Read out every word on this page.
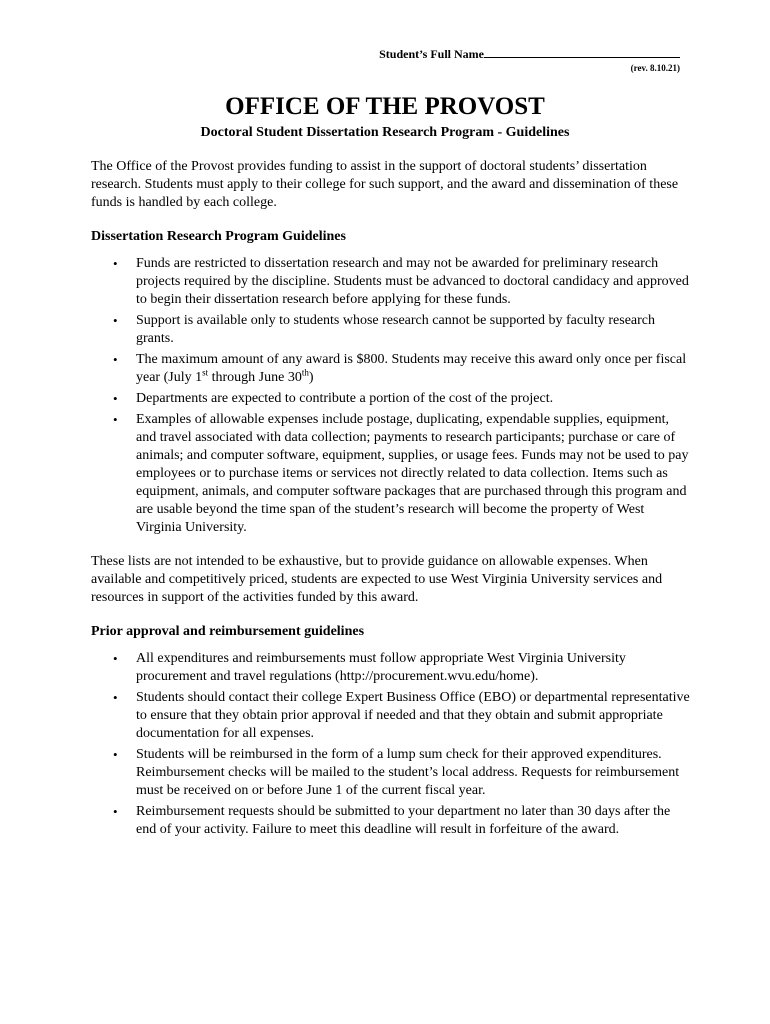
Student’s Full Name
(rev. 8.10.21)
OFFICE OF THE PROVOST
Doctoral Student Dissertation Research Program - Guidelines

The Office of the Provost provides funding to assist in the support of doctoral students’ dissertation research. Students must apply to their college for such support, and the award and dissemination of these funds is handled by each college.

Dissertation Research Program Guidelines
• Funds are restricted to dissertation research and may not be awarded for preliminary research projects required by the discipline. Students must be advanced to doctoral candidacy and approved to begin their dissertation research before applying for these funds.
• Support is available only to students whose research cannot be supported by faculty research grants.
• The maximum amount of any award is $800. Students may receive this award only once per fiscal year (July 1st through June 30th)
• Departments are expected to contribute a portion of the cost of the project.
• Examples of allowable expenses include postage, duplicating, expendable supplies, equipment, and travel associated with data collection; payments to research participants; purchase or care of animals; and computer software, equipment, supplies, or usage fees. Funds may not be used to pay employees or to purchase items or services not directly related to data collection. Items such as equipment, animals, and computer software packages that are purchased through this program and are usable beyond the time span of the student’s research will become the property of West Virginia University.

These lists are not intended to be exhaustive, but to provide guidance on allowable expenses. When available and competitively priced, students are expected to use West Virginia University services and resources in support of the activities funded by this award.

Prior approval and reimbursement guidelines
• All expenditures and reimbursements must follow appropriate West Virginia University procurement and travel regulations (http://procurement.wvu.edu/home).
• Students should contact their college Expert Business Office (EBO) or departmental representative to ensure that they obtain prior approval if needed and that they obtain and submit appropriate documentation for all expenses.
• Students will be reimbursed in the form of a lump sum check for their approved expenditures. Reimbursement checks will be mailed to the student’s local address. Requests for reimbursement must be received on or before June 1 of the current fiscal year.
• Reimbursement requests should be submitted to your department no later than 30 days after the end of your activity. Failure to meet this deadline will result in forfeiture of the award.
